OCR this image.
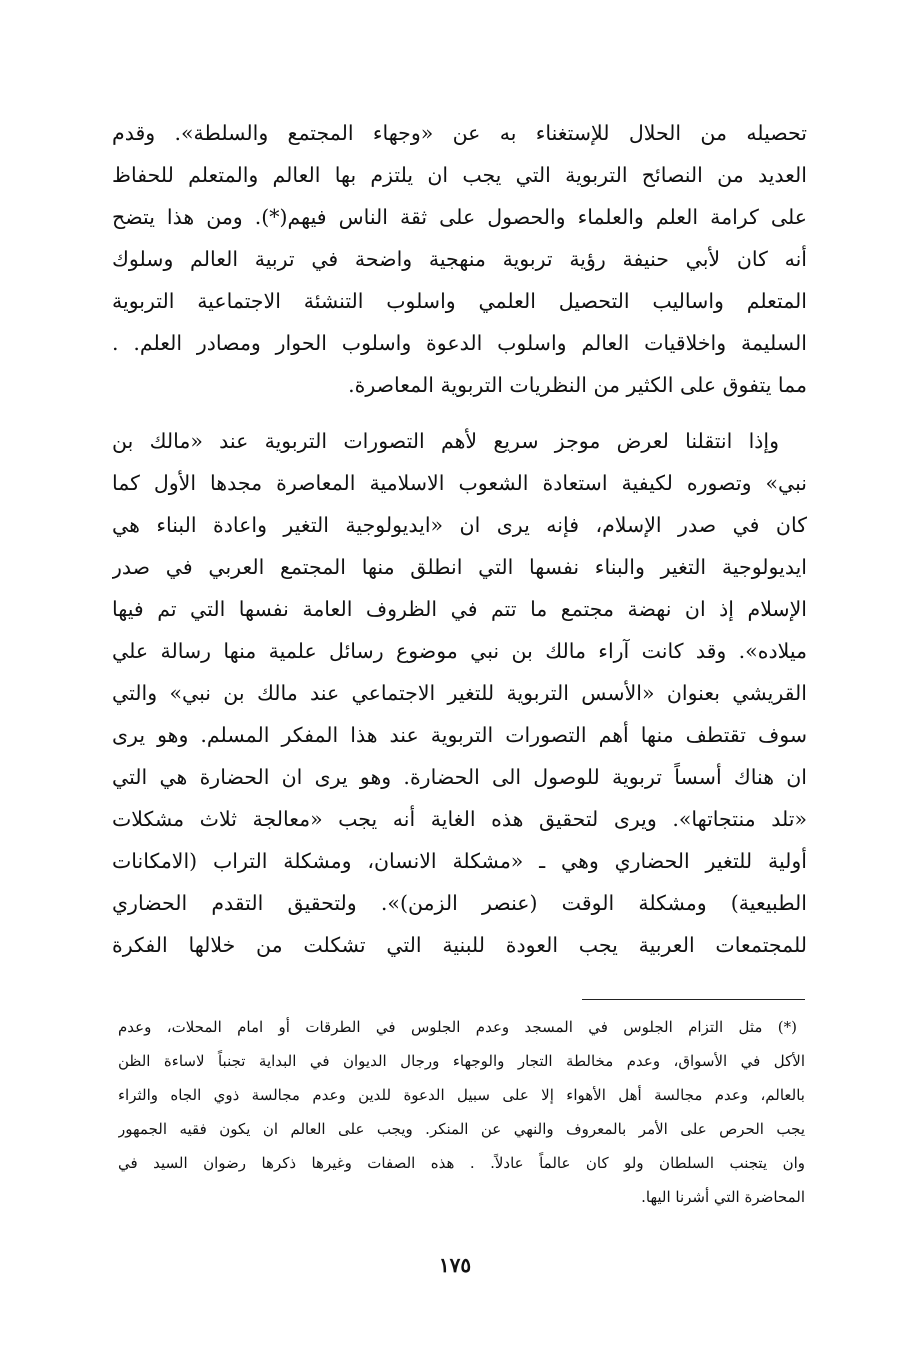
تحصيله من الحلال للإستغناء به عن «وجهاء المجتمع والسلطة». وقدم
العديد من النصائح التربوية التي يجب ان يلتزم بها العالم والمتعلم للحفاظ
على كرامة العلم والعلماء والحصول على ثقة الناس فيهم(*). ومن هذا يتضح
أنه كان لأبي حنيفة رؤية تربوية منهجية واضحة في تربية العالم وسلوك
المتعلم واساليب التحصيل العلمي واسلوب التنشئة الاجتماعية التربوية
السليمة واخلاقيات العالم واسلوب الدعوة واسلوب الحوار ومصادر العلم. .
مما يتفوق على الكثير من النظريات التربوية المعاصرة.
وإذا انتقلنا لعرض موجز سريع لأهم التصورات التربوية عند «مالك بن
نبي» وتصوره لكيفية استعادة الشعوب الاسلامية المعاصرة مجدها الأول كما
كان في صدر الإسلام، فإنه يرى ان «ايديولوجية التغير واعادة البناء هي
ايديولوجية التغير والبناء نفسها التي انطلق منها المجتمع العربي في صدر
الإسلام إذ ان نهضة مجتمع ما تتم في الظروف العامة نفسها التي تم فيها
ميلاده». وقد كانت آراء مالك بن نبي موضوع رسائل علمية منها رسالة علي
القريشي بعنوان «الأسس التربوية للتغير الاجتماعي عند مالك بن نبي» والتي
سوف تقتطف منها أهم التصورات التربوية عند هذا المفكر المسلم. وهو يرى
ان هناك أسساً تربوية للوصول الى الحضارة. وهو يرى ان الحضارة هي التي
«تلد منتجاتها». ويرى لتحقيق هذه الغاية أنه يجب «معالجة ثلاث مشكلات
أولية للتغير الحضاري وهي ـ «مشكلة الانسان، ومشكلة التراب (الامكانات
الطبيعية) ومشكلة الوقت (عنصر الزمن)». ولتحقيق التقدم الحضاري
للمجتمعات العربية يجب العودة للبنية التي تشكلت من خلالها الفكرة
(*) مثل التزام الجلوس في المسجد وعدم الجلوس في الطرقات أو امام المحلات، وعدم
الأكل في الأسواق، وعدم مخالطة التجار والوجهاء ورجال الديوان في البداية تجنباً لاساءة الظن
بالعالم، وعدم مجالسة أهل الأهواء إلا على سبيل الدعوة للدين وعدم مجالسة ذوي الجاه والثراء
يجب الحرص على الأمر بالمعروف والنهي عن المنكر. ويجب على العالم ان يكون فقيه الجمهور
وان يتجنب السلطان ولو كان عالماً عادلاً. . هذه الصفات وغيرها ذكرها رضوان السيد في
المحاضرة التي أشرنا اليها.
١٧٥
